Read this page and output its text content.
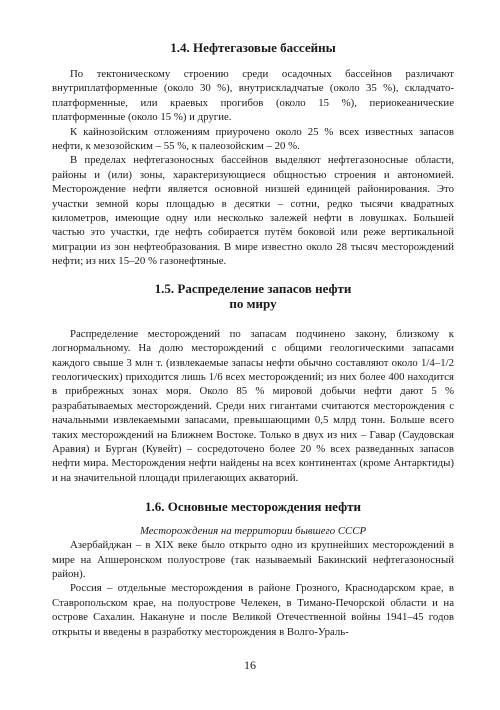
1.4. Нефтегазовые бассейны

По тектоническому строению среди осадочных бассейнов различают внутриплатформенные (около 30 %), внутрискладчатые (около 35 %), складчато-платформенные, или краевых прогибов (около 15 %), периокеанические платформенные (около 15 %) и другие.

К кайнозойским отложениям приурочено около 25 % всех известных запасов нефти, к мезозойским – 55 %, к палеозойским – 20 %.

В пределах нефтегазоносных бассейнов выделяют нефтегазоносные области, районы и (или) зоны, характеризующиеся общностью строения и автономией. Месторождение нефти является основной низшей единицей районирования. Это участки земной коры площадью в десятки – сотни, редко тысячи квадратных километров, имеющие одну или несколько залежей нефти в ловушках. Большей частью это участки, где нефть собирается путём боковой или реже вертикальной миграции из зон нефтеобразования. В мире известно около 28 тысяч месторождений нефти; из них 15–20 % газонефтяные.

1.5. Распределение запасов нефти
по миру

Распределение месторождений по запасам подчинено закону, близкому к логнормальному. На долю месторождений с общими геологическими запасами каждого свыше 3 млн т. (извлекаемые запасы нефти обычно составляют около 1/4–1/2 геологических) приходится лишь 1/6 всех месторождений; из них более 400 находится в прибрежных зонах моря. Около 85 % мировой добычи нефти дают 5 % разрабатываемых месторождений. Среди них гигантами считаются месторождения с начальными извлекаемыми запасами, превышающими 0,5 млрд тонн. Больше всего таких месторождений на Ближнем Востоке. Только в двух из них – Гавар (Саудовская Аравия) и Бурган (Кувейт) – сосредоточено более 20 % всех разведанных запасов нефти мира. Месторождения нефти найдены на всех континентах (кроме Антарктиды) и на значительной площади прилегающих акваторий.

1.6. Основные месторождения нефти
Месторождения на территории бывшего СССР

Азербайджан – в XIX веке было открыто одно из крупнейших месторождений в мире на Апшеронском полуострове (так называемый Бакинский нефтегазоносный район).

Россия – отдельные месторождения в районе Грозного, Краснодарском крае, в Ставропольском крае, на полуострове Челекен, в Тимано-Печорской области и на острове Сахалин. Накануне и после Великой Отечественной войны 1941–45 годов открыты и введены в разработку месторождения в Волго-Ураль-

16
